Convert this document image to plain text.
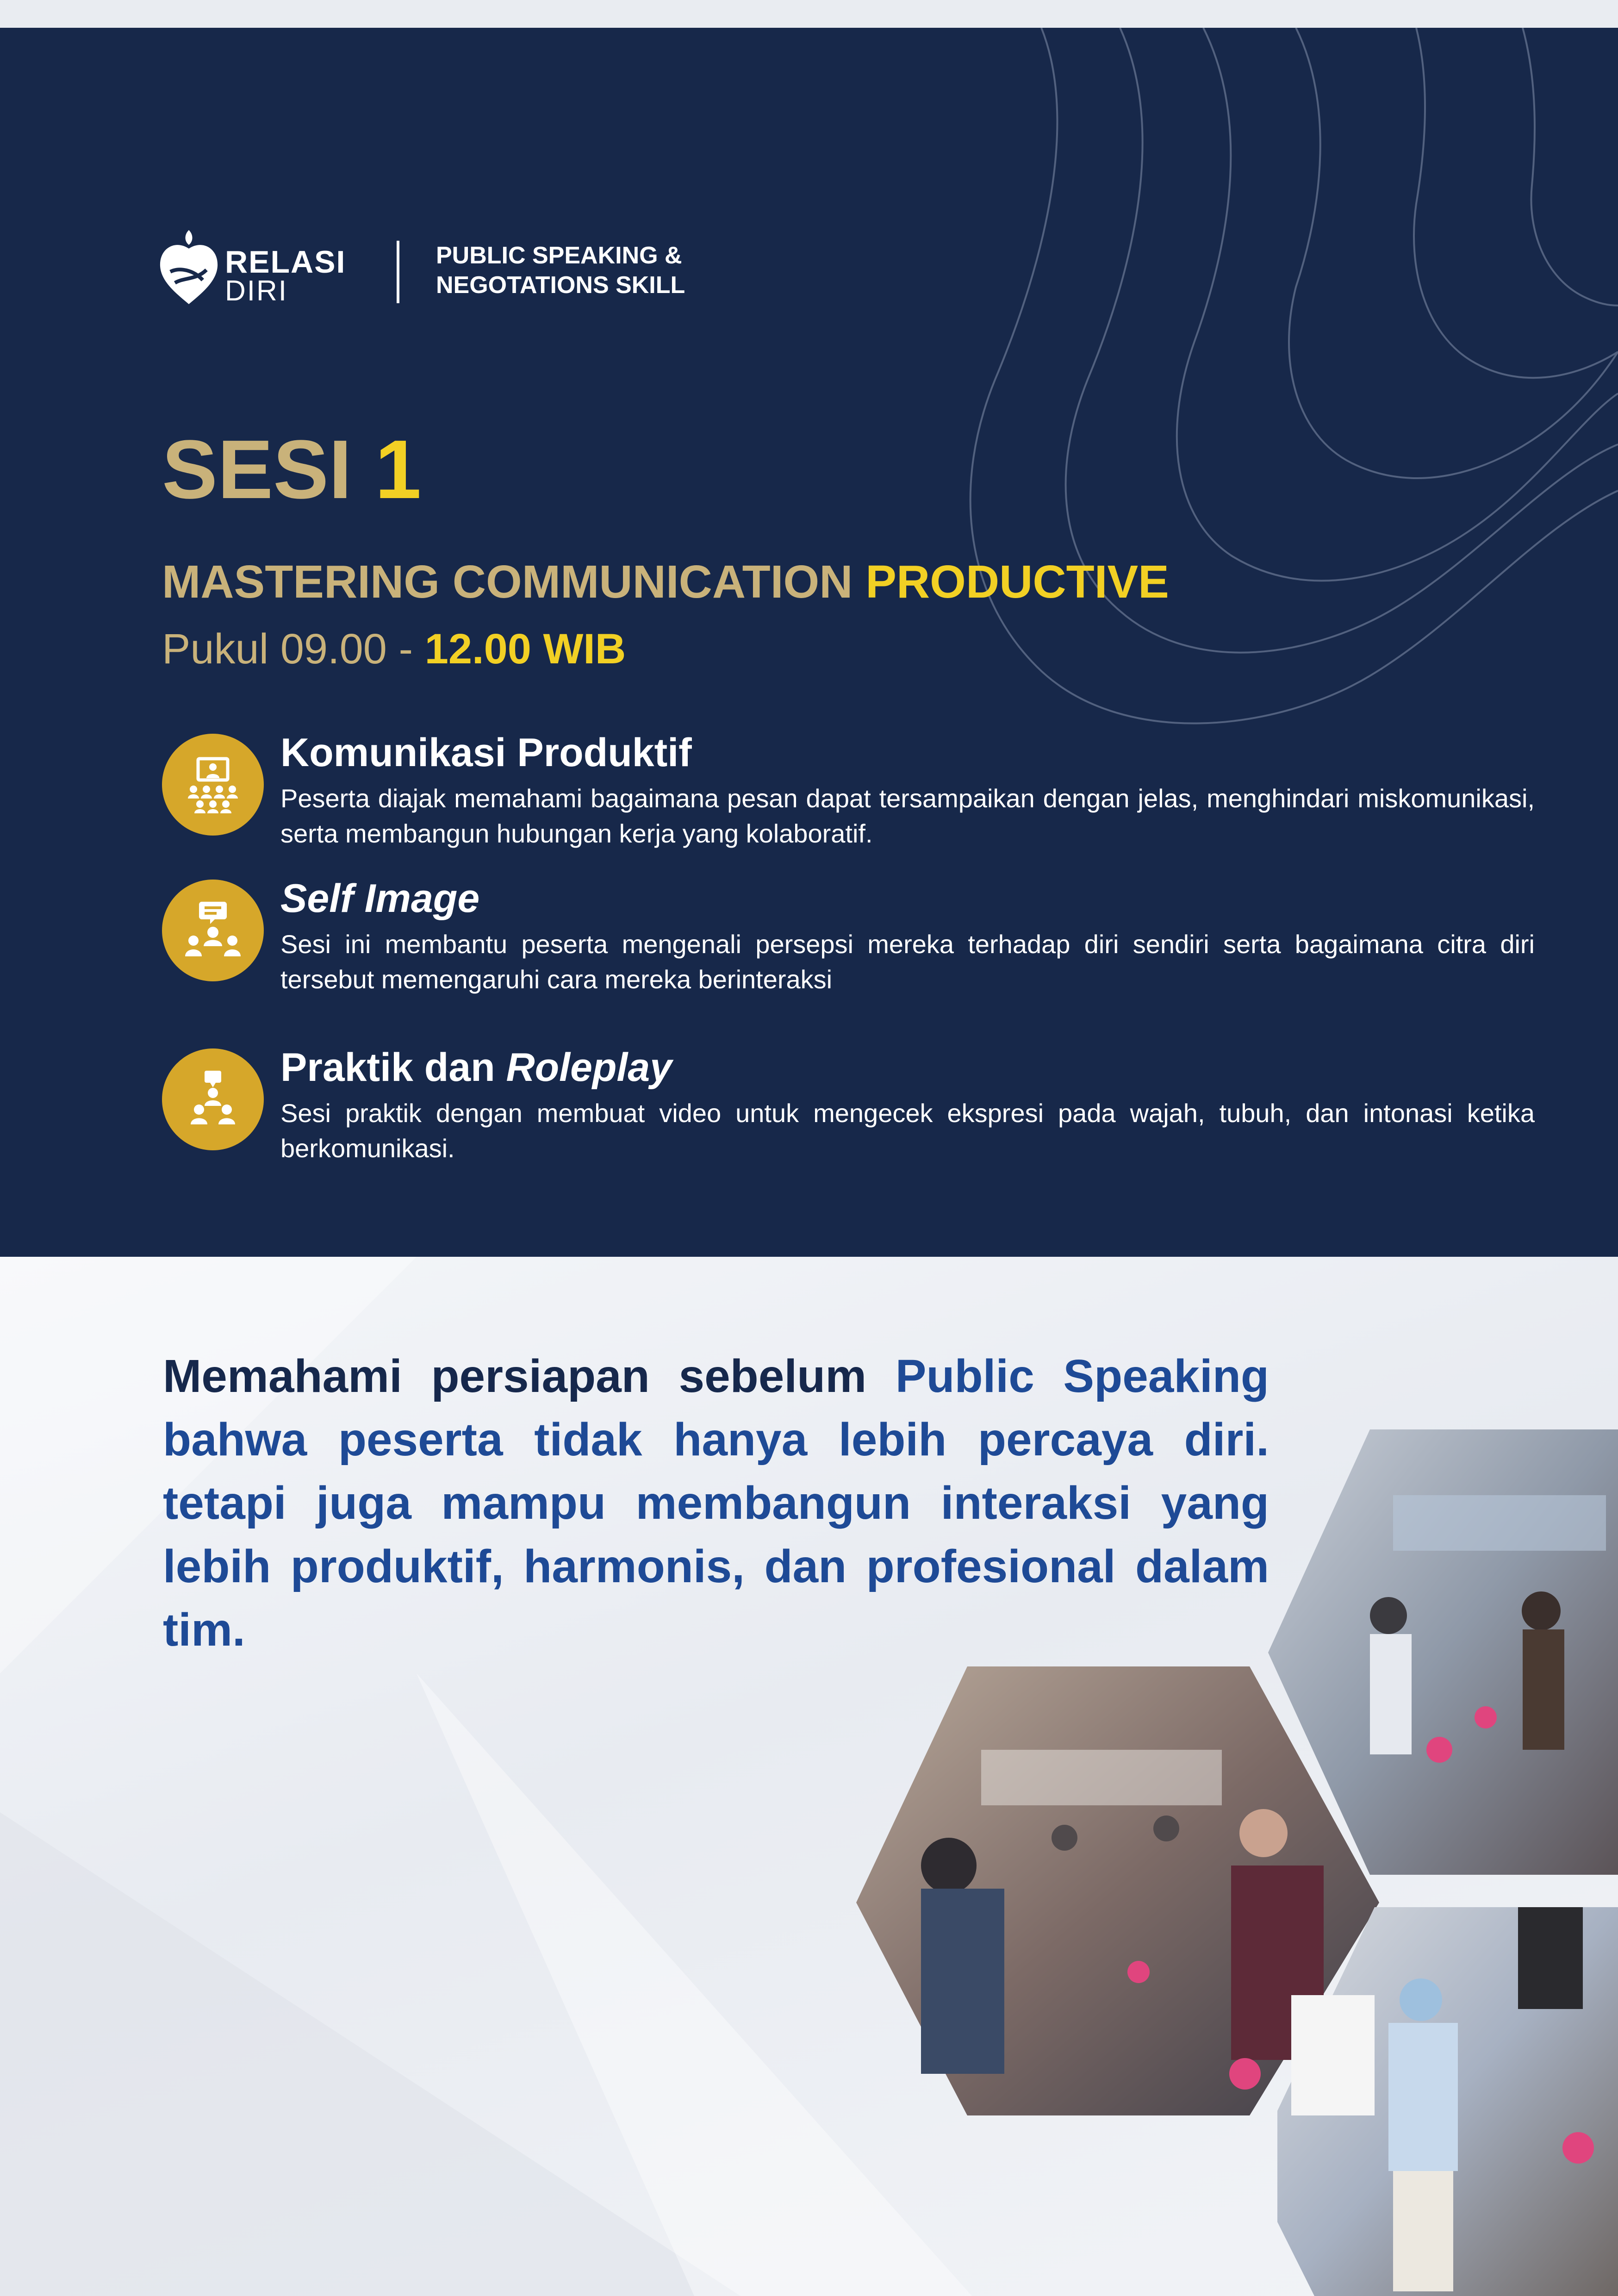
RELASI
DIRI
PUBLIC SPEAKING &
NEGOTATIONS SKILL
SESI 1
MASTERING COMMUNICATION PRODUCTIVE
Pukul 09.00 - 12.00 WIB
Komunikasi Produktif
Peserta diajak memahami bagaimana pesan dapat tersampaikan dengan jelas, menghindari miskomunikasi, serta membangun hubungan kerja yang kolaboratif.
Self Image
Sesi ini membantu peserta mengenali persepsi mereka terhadap diri sendiri serta bagaimana citra diri tersebut memengaruhi cara mereka berinteraksi
Praktik dan Roleplay
Sesi praktik dengan membuat video untuk mengecek ekspresi pada wajah, tubuh, dan intonasi ketika berkomunikasi.
Memahami persiapan sebelum Public Speaking bahwa peserta tidak hanya lebih percaya diri. tetapi juga mampu membangun interaksi yang lebih produktif, harmonis, dan profesional dalam tim.
